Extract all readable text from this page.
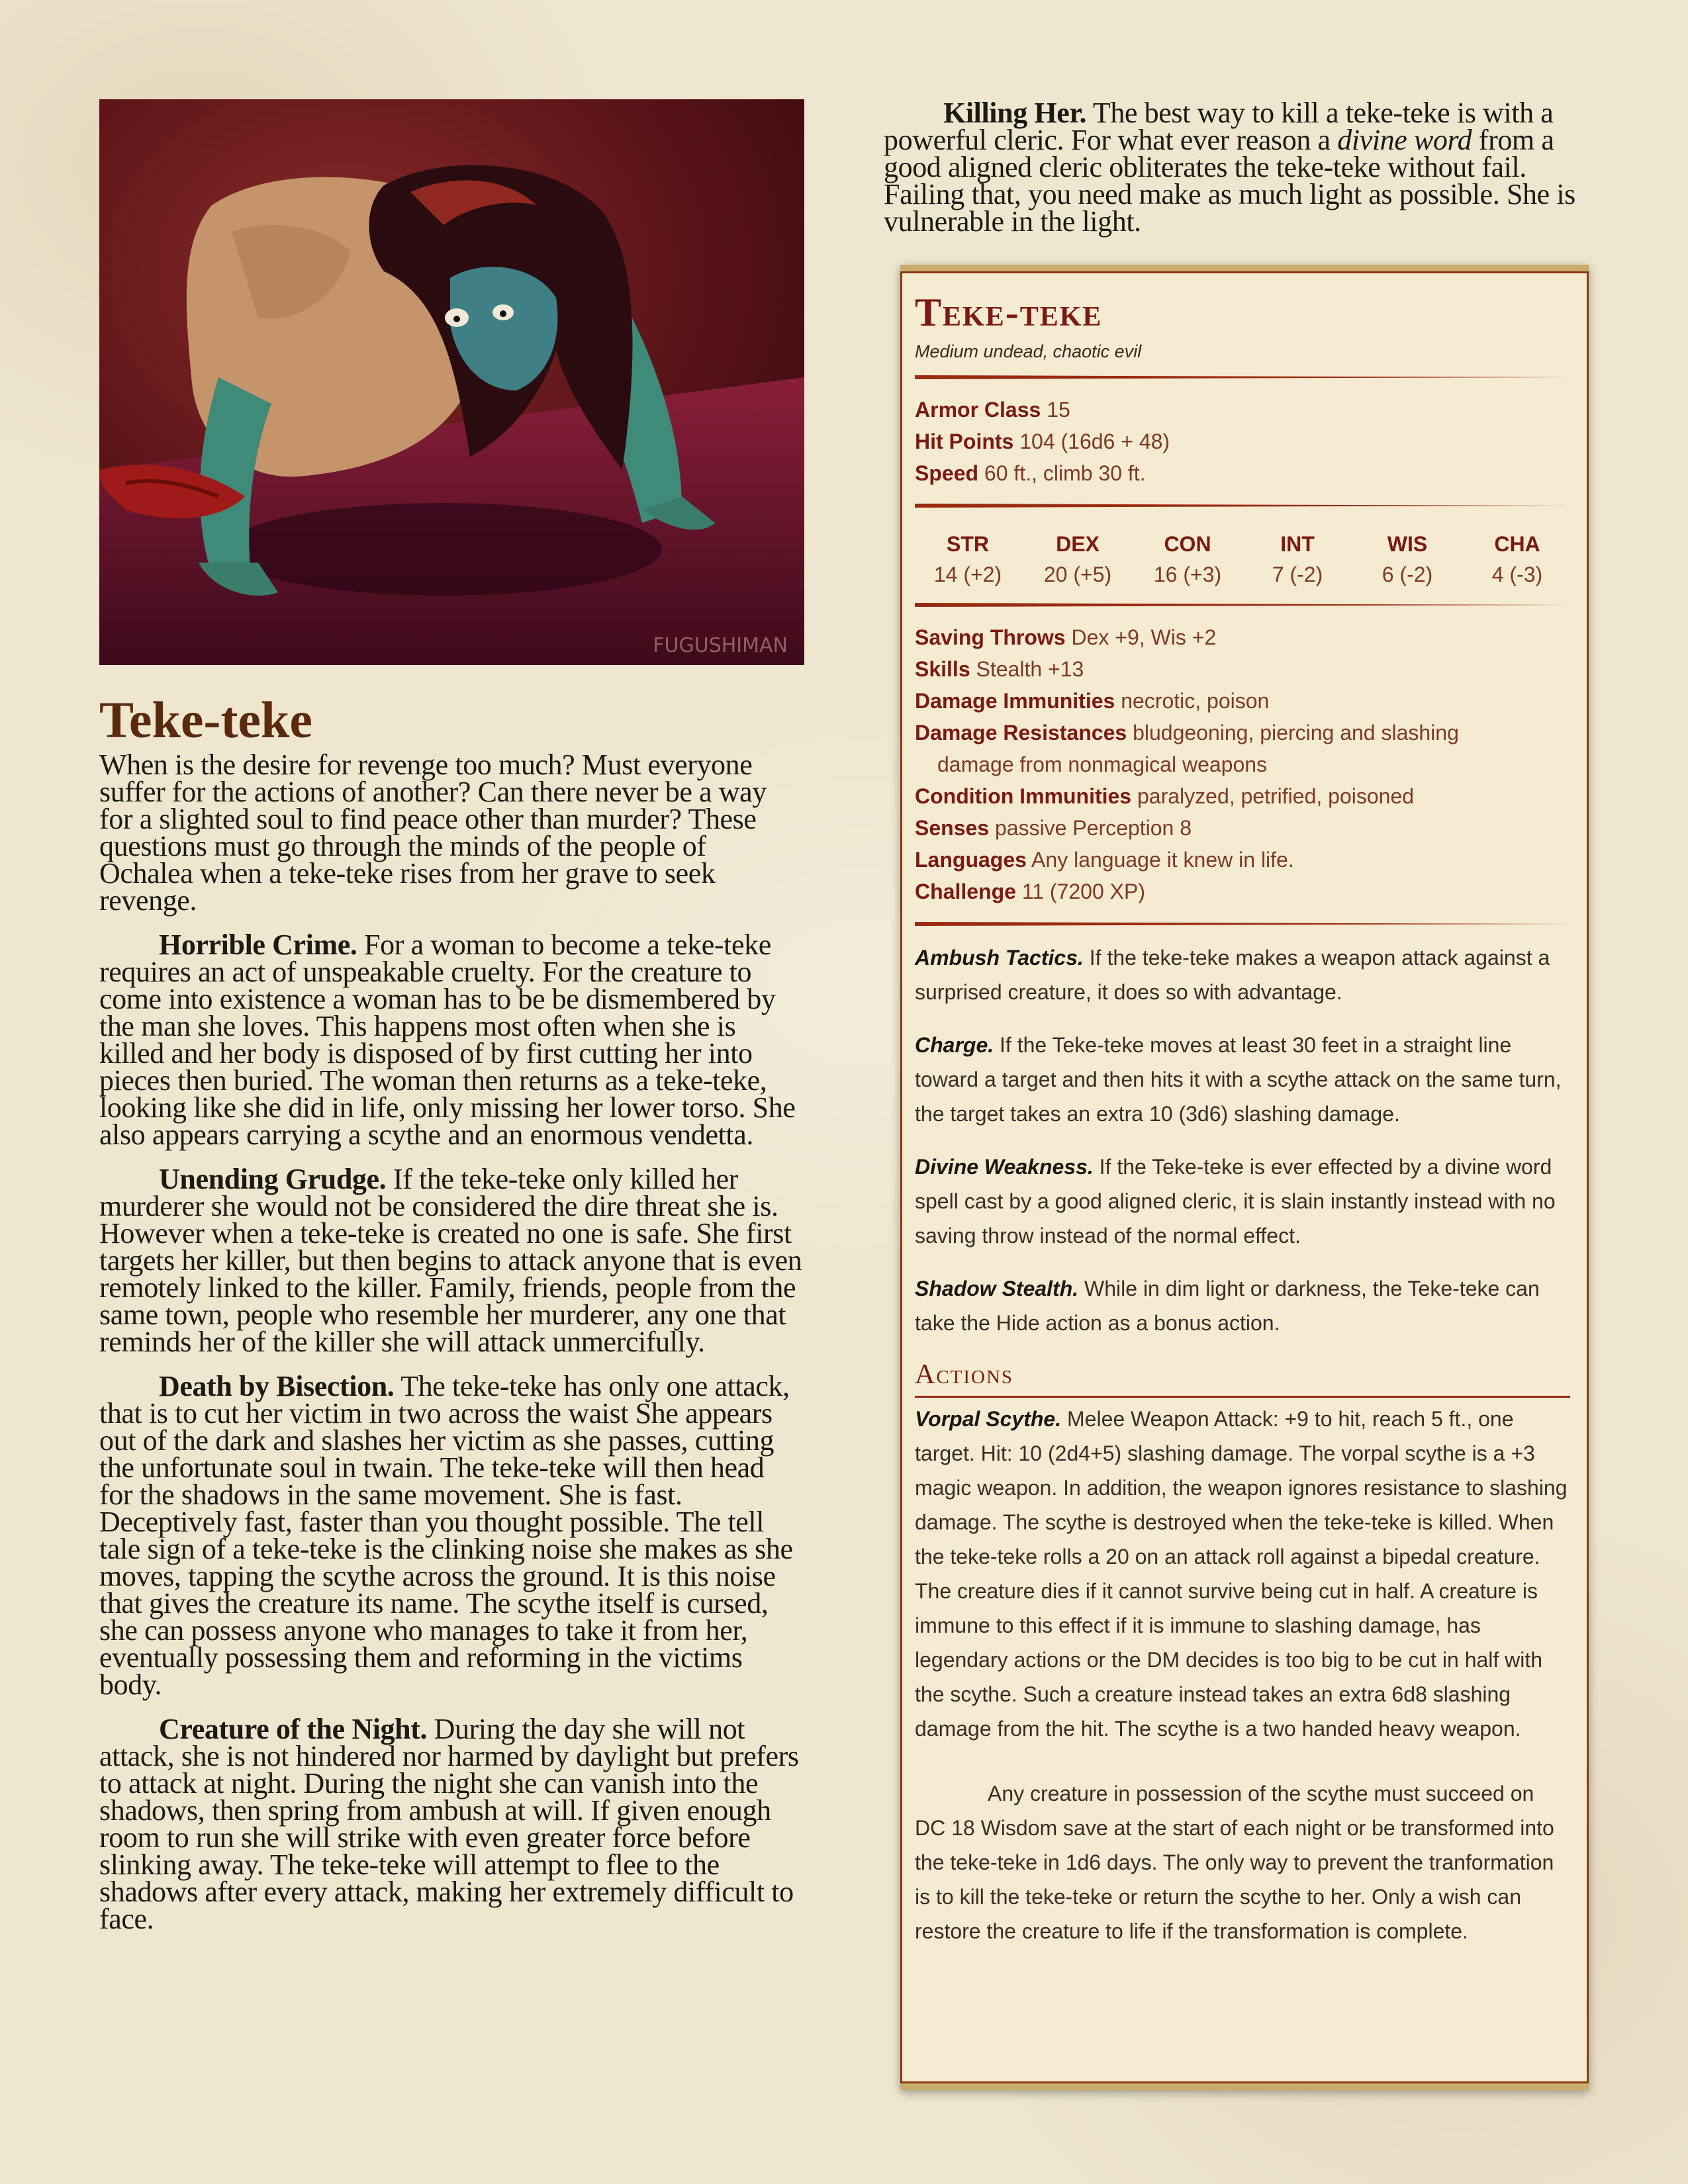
FUGUSHIMAN
Teke-teke

When is the desire for revenge too much? Must everyone suffer for the actions of another? Can there never be a way for a slighted soul to find peace other than murder? These questions must go through the minds of the people of Ochalea when a teke-teke rises from her grave to seek revenge.

Horrible Crime. For a woman to become a teke-teke requires an act of unspeakable cruelty. For the creature to come into existence a woman has to be be dismembered by the man she loves. This happens most often when she is killed and her body is disposed of by first cutting her into pieces then buried. The woman then returns as a teke-teke, looking like she did in life, only missing her lower torso. She also appears carrying a scythe and an enormous vendetta.

Unending Grudge. If the teke-teke only killed her murderer she would not be considered the dire threat she is. However when a teke-teke is created no one is safe. She first targets her killer, but then begins to attack anyone that is even remotely linked to the killer. Family, friends, people from the same town, people who resemble her murderer, any one that reminds her of the killer she will attack unmercifully.

Death by Bisection. The teke-teke has only one attack, that is to cut her victim in two across the waist She appears out of the dark and slashes her victim as she passes, cutting the unfortunate soul in twain. The teke-teke will then head for the shadows in the same movement. She is fast. Deceptively fast, faster than you thought possible. The tell tale sign of a teke-teke is the clinking noise she makes as she moves, tapping the scythe across the ground. It is this noise that gives the creature its name. The scythe itself is cursed, she can possess anyone who manages to take it from her, eventually possessing them and reforming in the victims body.

Creature of the Night. During the day she will not attack, she is not hindered nor harmed by daylight but prefers to attack at night. During the night she can vanish into the shadows, then spring from ambush at will. If given enough room to run she will strike with even greater force before slinking away. The teke-teke will attempt to flee to the shadows after every attack, making her extremely difficult to face.

Killing Her. The best way to kill a teke-teke is with a powerful cleric. For what ever reason a divine word from a good aligned cleric obliterates the teke-teke without fail. Failing that, you need make as much light as possible. She is vulnerable in the light.

Teke-teke
Medium undead, chaotic evil
Armor Class 15
Hit Points 104 (16d6 + 48)
Speed 60 ft., climb 30 ft.
STR
14 (+2)
DEX
20 (+5)
CON
16 (+3)
INT
7 (-2)
WIS
6 (-2)
CHA
4 (-3)
Saving Throws Dex +9, Wis +2
Skills Stealth +13
Damage Immunities necrotic, poison
Damage Resistances bludgeoning, piercing and slashing
damage from nonmagical weapons
Condition Immunities paralyzed, petrified, poisoned
Senses passive Perception 8
Languages Any language it knew in life.
Challenge 11 (7200 XP)

Ambush Tactics. If the teke-teke makes a weapon attack against a surprised creature, it does so with advantage.

Charge. If the Teke-teke moves at least 30 feet in a straight line toward a target and then hits it with a scythe attack on the same turn, the target takes an extra 10 (3d6) slashing damage.

Divine Weakness. If the Teke-teke is ever effected by a divine word spell cast by a good aligned cleric, it is slain instantly instead with no saving throw instead of the normal effect.

Shadow Stealth. While in dim light or darkness, the Teke-teke can take the Hide action as a bonus action.

Actions

Vorpal Scythe. Melee Weapon Attack: +9 to hit, reach 5 ft., one target. Hit: 10 (2d4+5) slashing damage. The vorpal scythe is a +3 magic weapon. In addition, the weapon ignores resistance to slashing damage. The scythe is destroyed when the teke-teke is killed. When the teke-teke rolls a 20 on an attack roll against a bipedal creature. The creature dies if it cannot survive being cut in half. A creature is immune to this effect if it is immune to slashing damage, has legendary actions or the DM decides is too big to be cut in half with the scythe. Such a creature instead takes an extra 6d8 slashing damage from the hit. The scythe is a two handed heavy weapon.
Any creature in possession of the scythe must succeed on DC 18 Wisdom save at the start of each night or be transformed into the teke-teke in 1d6 days. The only way to prevent the tranformation is to kill the teke-teke or return the scythe to her. Only a wish can restore the creature to life if the transformation is complete.
